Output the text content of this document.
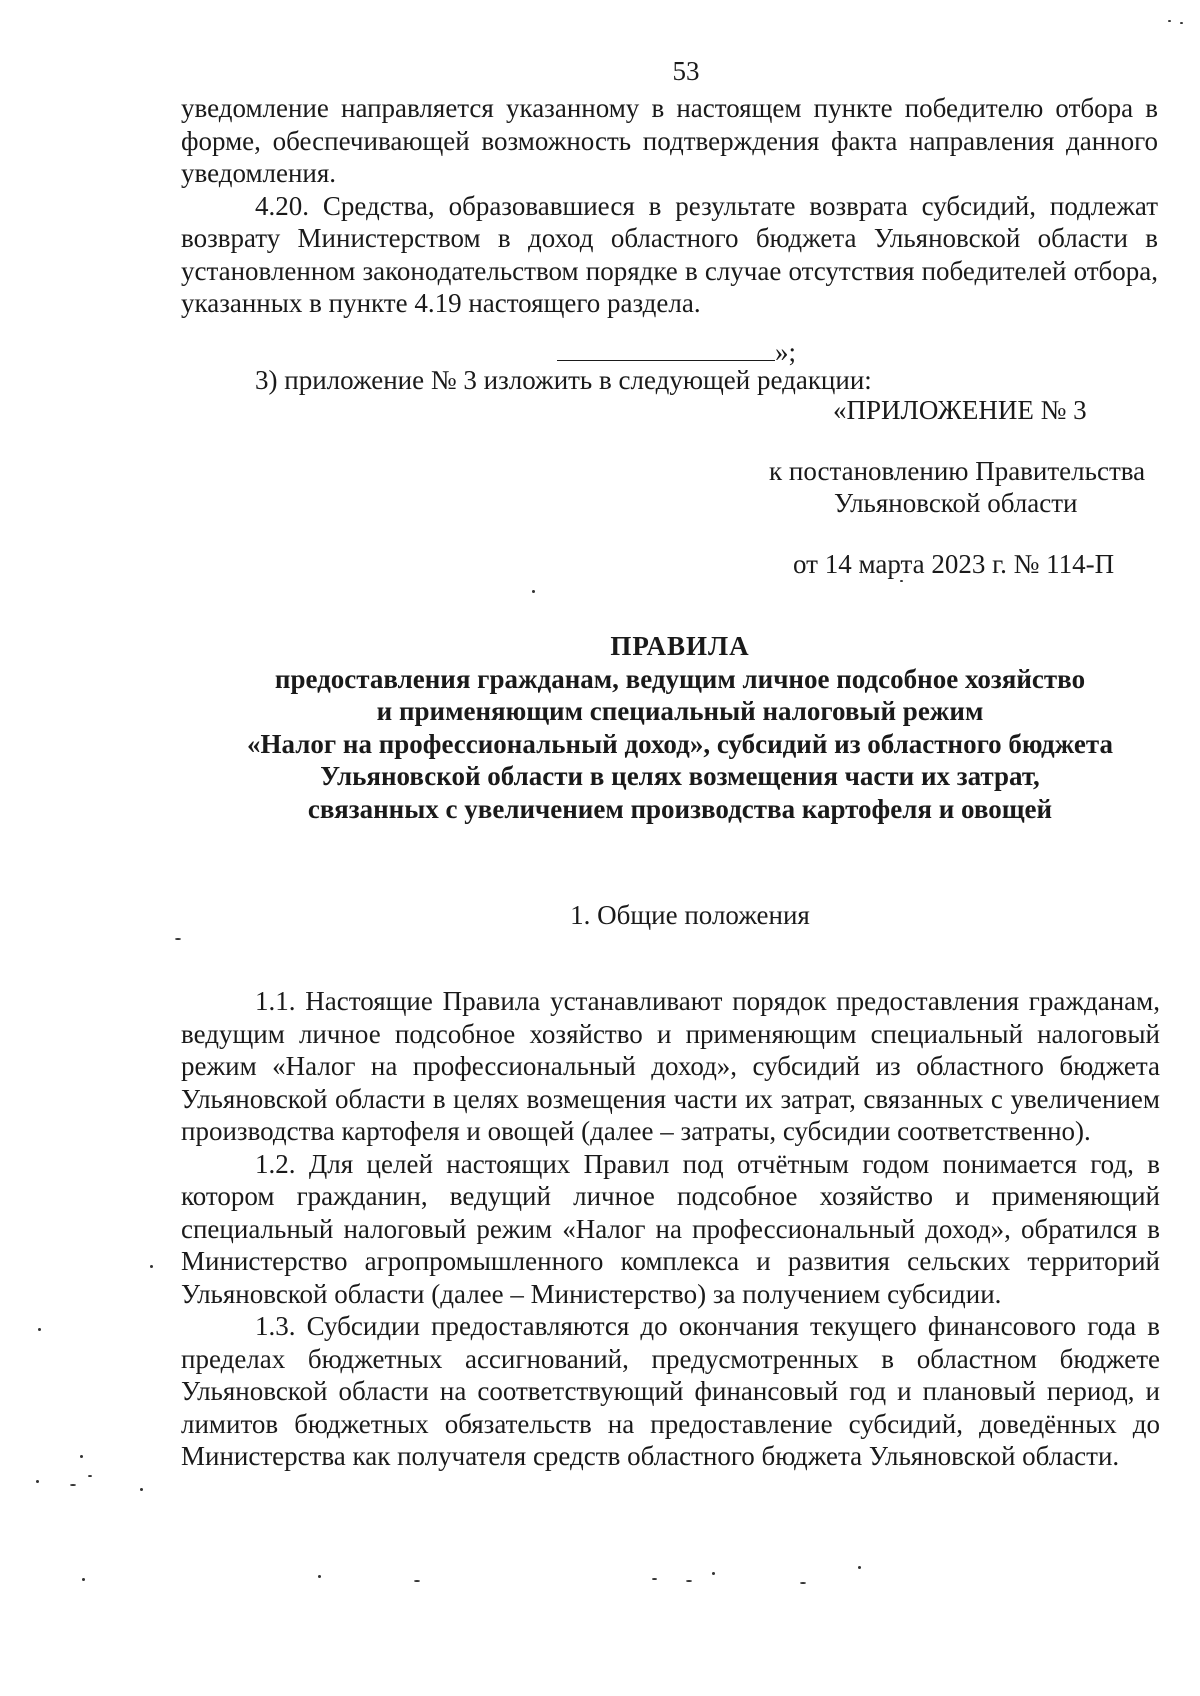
53

уведомление направляется указанному в настоящем пункте победителю отбора в форме, обеспечивающей возможность подтверждения факта направления данного уведомления.

4.20. Средства, образовавшиеся в результате возврата субсидий, подлежат возврату Министерством в доход областного бюджета Ульяновской области в установленном законодательством порядке в случае отсутствия победителей отбора, указанных в пункте 4.19 настоящего раздела.

»;
3) приложение № 3 изложить в следующей редакции:
«ПРИЛОЖЕНИЕ № 3
к постановлению Правительства
Ульяновской области
от 14 марта 2023 г. № 114-П
ПРАВИЛА
предоставления гражданам, ведущим личное подсобное хозяйство
и применяющим специальный налоговый режим
«Налог на профессиональный доход», субсидий из областного бюджета
Ульяновской области в целях возмещения части их затрат,
связанных с увеличением производства картофеля и овощей
1. Общие положения

1.1. Настоящие Правила устанавливают порядок предоставления гражданам, ведущим личное подсобное хозяйство и применяющим специальный налоговый режим «Налог на профессиональный доход», субсидий из областного бюджета Ульяновской области в целях возмещения части их затрат, связанных с увеличением производства картофеля и овощей (далее – затраты, субсидии соответственно).

1.2. Для целей настоящих Правил под отчётным годом понимается год, в котором гражданин, ведущий личное подсобное хозяйство и применяющий специальный налоговый режим «Налог на профессиональный доход», обратился в Министерство агропромышленного комплекса и развития сельских территорий Ульяновской области (далее – Министерство) за получением субсидии.

1.3. Субсидии предоставляются до окончания текущего финансового года в пределах бюджетных ассигнований, предусмотренных в областном бюджете Ульяновской области на соответствующий финансовый год и плановый период, и лимитов бюджетных обязательств на предоставление субсидий, доведённых до Министерства как получателя средств областного бюджета Ульяновской области.
